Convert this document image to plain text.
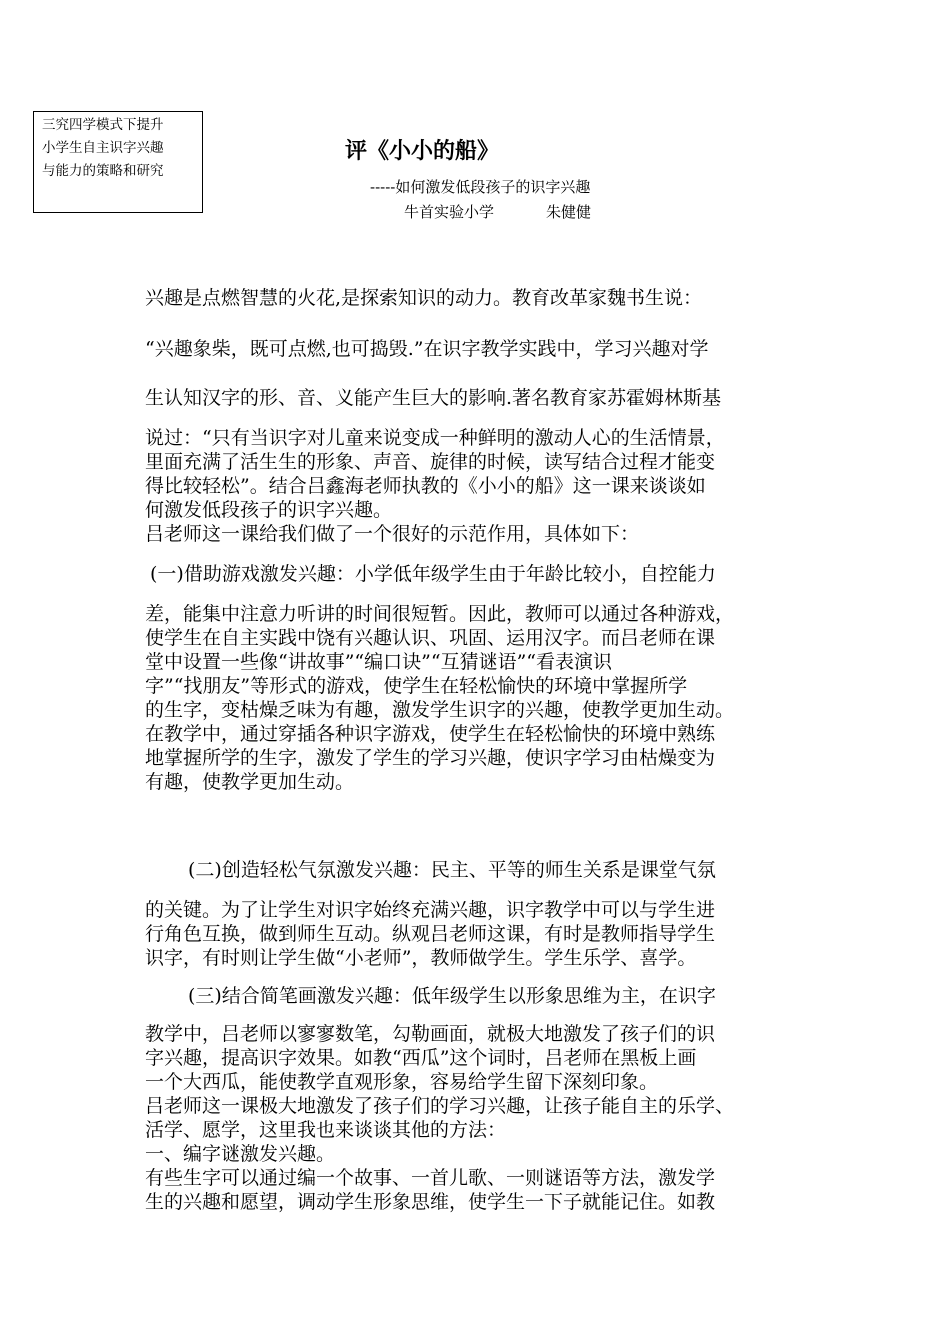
三究四学模式下提升
小学生自主识字兴趣
与能力的策略和研究
评《小小的船》
-----如何激发低段孩子的识字兴趣
牛首实验小学	朱健健
兴趣是点燃智慧的火花,是探索知识的动力。教育改革家魏书生说：
“兴趣象柴，既可点燃,也可捣毁.”在识字教学实践中，学习兴趣对学
生认知汉字的形、音、义能产生巨大的影响.著名教育家苏霍姆林斯基
说过：“只有当识字对儿童来说变成一种鲜明的激动人心的生活情景，
里面充满了活生生的形象、声音、旋律的时候，读写结合过程才能变
得比较轻松”。结合吕鑫海老师执教的《小小的船》这一课来谈谈如
何激发低段孩子的识字兴趣。
吕老师这一课给我们做了一个很好的示范作用，具体如下：
(一)借助游戏激发兴趣：小学低年级学生由于年龄比较小，自控能力
差，能集中注意力听讲的时间很短暂。因此，教师可以通过各种游戏，
使学生在自主实践中饶有兴趣认识、巩固、运用汉字。而吕老师在课
堂中设置一些像“讲故事”“编口诀”“互猜谜语”“看表演识
字”“找朋友”等形式的游戏，使学生在轻松愉快的环境中掌握所学
的生字，变枯燥乏味为有趣，激发学生识字的兴趣，使教学更加生动。
在教学中，通过穿插各种识字游戏，使学生在轻松愉快的环境中熟练
地掌握所学的生字，激发了学生的学习兴趣，使识字学习由枯燥变为
有趣，使教学更加生动。
(二)创造轻松气氛激发兴趣：民主、平等的师生关系是课堂气氛
的关键。为了让学生对识字始终充满兴趣，识字教学中可以与学生进
行角色互换，做到师生互动。纵观吕老师这课，有时是教师指导学生
识字，有时则让学生做“小老师”，教师做学生。学生乐学、喜学。
(三)结合简笔画激发兴趣：低年级学生以形象思维为主，在识字
教学中，吕老师以寥寥数笔，勾勒画面，就极大地激发了孩子们的识
字兴趣，提高识字效果。如教“西瓜”这个词时，吕老师在黑板上画
一个大西瓜，能使教学直观形象，容易给学生留下深刻印象。
吕老师这一课极大地激发了孩子们的学习兴趣，让孩子能自主的乐学、
活学、愿学，这里我也来谈谈其他的方法：
一、编字谜激发兴趣。
有些生字可以通过编一个故事、一首儿歌、一则谜语等方法，激发学
生的兴趣和愿望，调动学生形象思维，使学生一下子就能记住。如教
